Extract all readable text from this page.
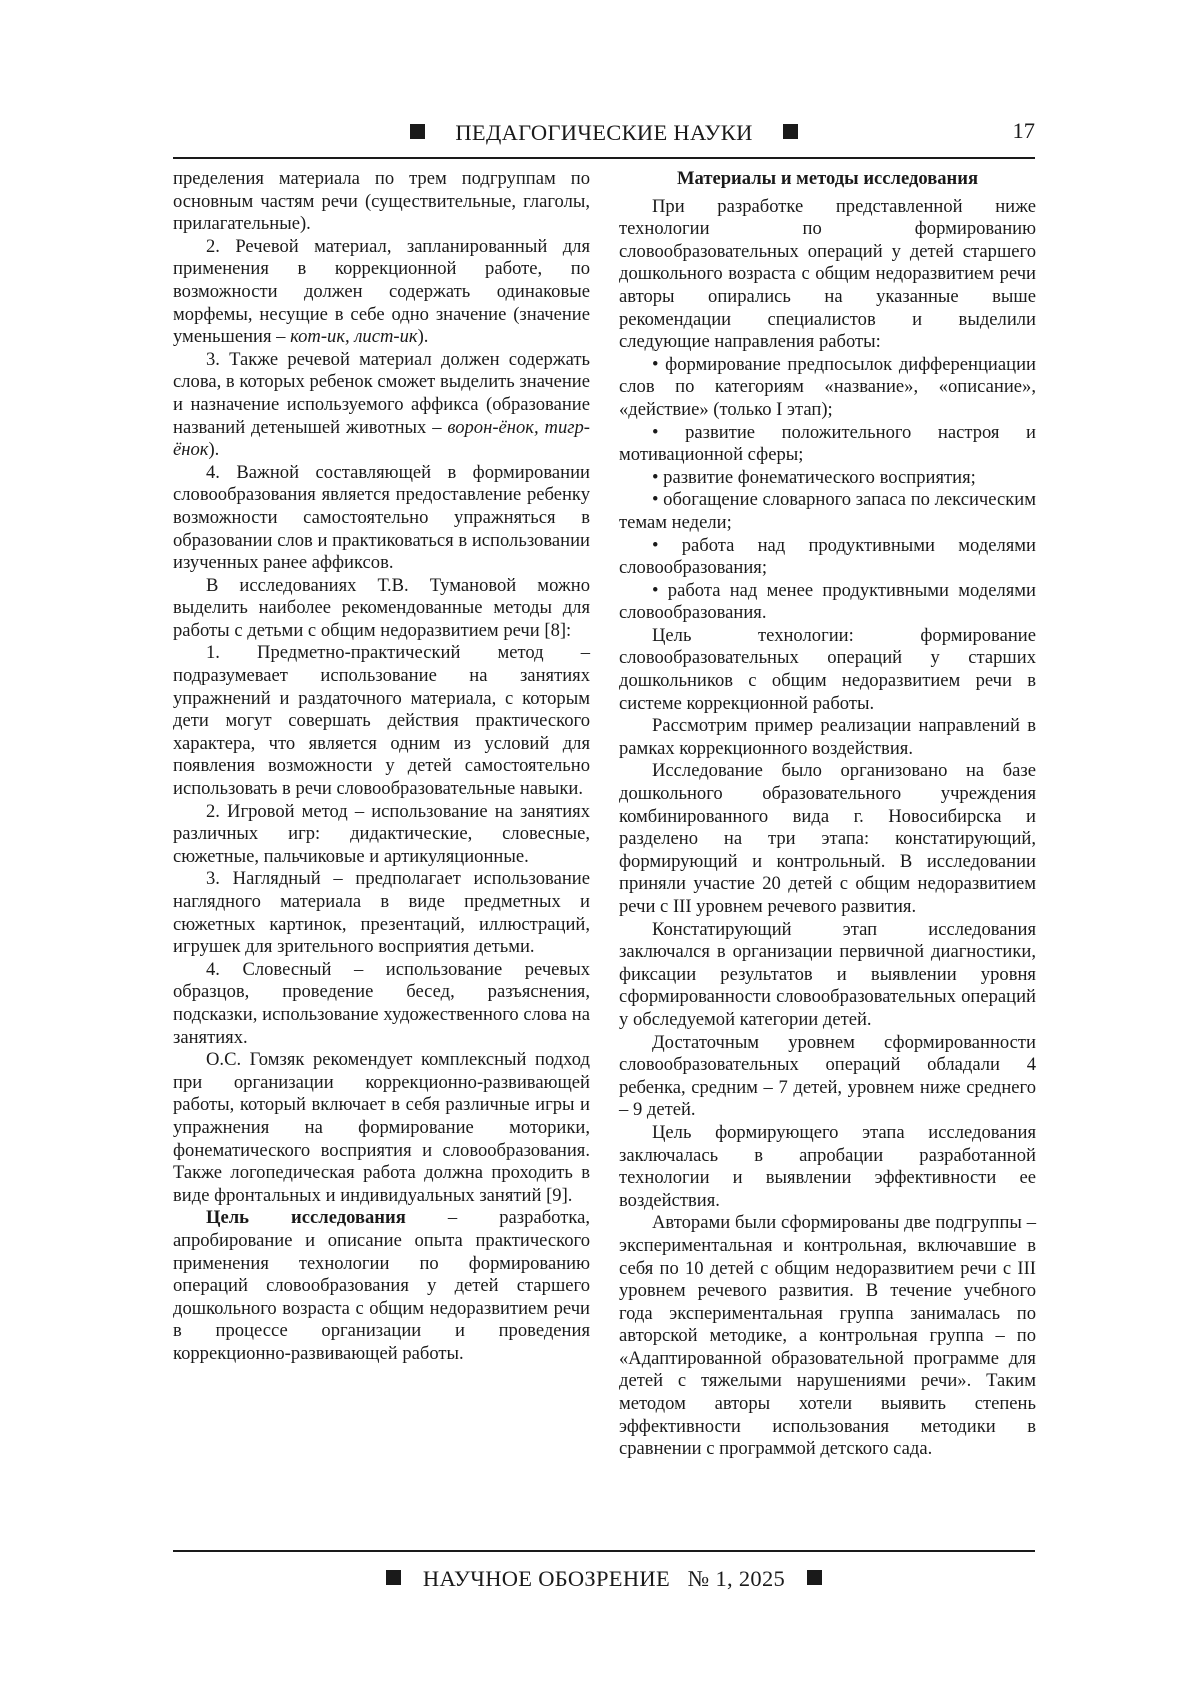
ПЕДАГОГИЧЕСКИЕ НАУКИ	17

пределения материала по трем подгруппам по основным частям речи (существительные, глаголы, прилагательные).

2. Речевой материал, запланированный для применения в коррекционной работе, по возможности должен содержать одинаковые морфемы, несущие в себе одно значение (значение уменьшения – кот-ик, лист-ик).

3. Также речевой материал должен содержать слова, в которых ребенок сможет выделить значение и назначение используемого аффикса (образование названий детенышей животных – ворон-ёнок, тигр-ёнок).

4. Важной составляющей в формировании словообразования является предоставление ребенку возможности самостоятельно упражняться в образовании слов и практиковаться в использовании изученных ранее аффиксов.

В исследованиях Т.В. Тумановой можно выделить наиболее рекомендованные методы для работы с детьми с общим недоразвитием речи [8]:

1. Предметно-практический метод – подразумевает использование на занятиях упражнений и раздаточного материала, с которым дети могут совершать действия практического характера, что является одним из условий для появления возможности у детей самостоятельно использовать в речи словообразовательные навыки.

2. Игровой метод – использование на занятиях различных игр: дидактические, словесные, сюжетные, пальчиковые и артикуляционные.

3. Наглядный – предполагает использование наглядного материала в виде предметных и сюжетных картинок, презентаций, иллюстраций, игрушек для зрительного восприятия детьми.

4. Словесный – использование речевых образцов, проведение бесед, разъяснения, подсказки, использование художественного слова на занятиях.

О.С. Гомзяк рекомендует комплексный подход при организации коррекционно-развивающей работы, который включает в себя различные игры и упражнения на формирование моторики, фонематического восприятия и словообразования. Также логопедическая работа должна проходить в виде фронтальных и индивидуальных занятий [9].

Цель исследования – разработка, апробирование и описание опыта практического применения технологии по формированию операций словообразования у детей старшего дошкольного возраста с общим недоразвитием речи в процессе организации и проведения коррекционно-развивающей работы.

Материалы и методы исследования

При разработке представленной ниже технологии по формированию словообразовательных операций у детей старшего дошкольного возраста с общим недоразвитием речи авторы опирались на указанные выше рекомендации специалистов и выделили следующие направления работы:

• формирование предпосылок дифференциации слов по категориям «название», «описание», «действие» (только I этап);

• развитие положительного настроя и мотивационной сферы;

• развитие фонематического восприятия;

• обогащение словарного запаса по лексическим темам недели;

• работа над продуктивными моделями словообразования;

• работа над менее продуктивными моделями словообразования.

Цель технологии: формирование словообразовательных операций у старших дошкольников с общим недоразвитием речи в системе коррекционной работы.

Рассмотрим пример реализации направлений в рамках коррекционного воздействия.

Исследование было организовано на базе дошкольного образовательного учреждения комбинированного вида г. Новосибирска и разделено на три этапа: констатирующий, формирующий и контрольный. В исследовании приняли участие 20 детей с общим недоразвитием речи с III уровнем речевого развития.

Констатирующий этап исследования заключался в организации первичной диагностики, фиксации результатов и выявлении уровня сформированности словообразовательных операций у обследуемой категории детей.

Достаточным уровнем сформированности словообразовательных операций обладали 4 ребенка, средним – 7 детей, уровнем ниже среднего – 9 детей.

Цель формирующего этапа исследования заключалась в апробации разработанной технологии и выявлении эффективности ее воздействия.

Авторами были сформированы две подгруппы – экспериментальная и контрольная, включавшие в себя по 10 детей с общим недоразвитием речи с III уровнем речевого развития. В течение учебного года экспериментальная группа занималась по авторской методике, а контрольная группа – по «Адаптированной образовательной программе для детей с тяжелыми нарушениями речи». Таким методом авторы хотели выявить степень эффективности использования методики в сравнении с программой детского сада.

НАУЧНОЕ ОБОЗРЕНИЕ № 1, 2025
